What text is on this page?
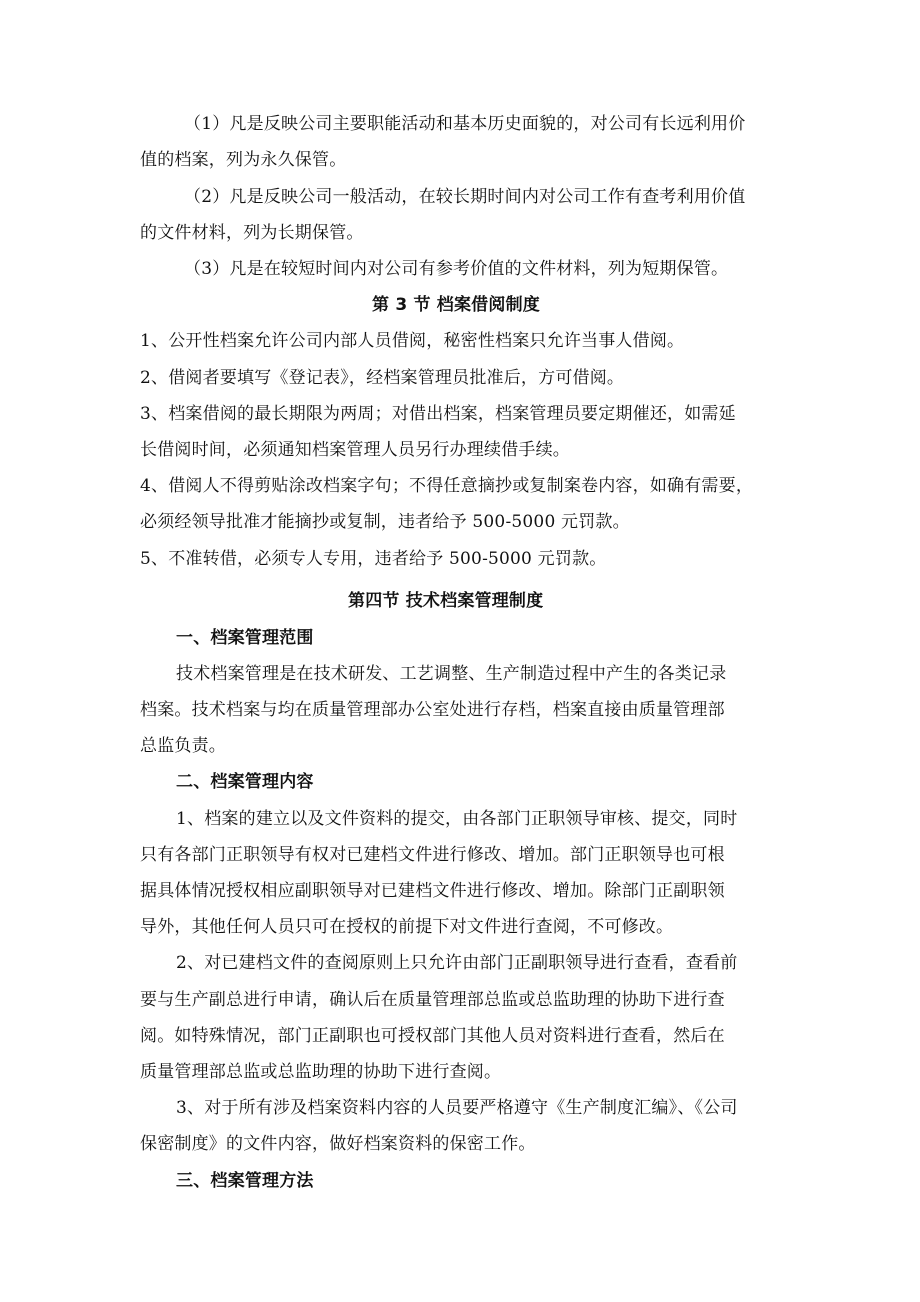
（1）凡是反映公司主要职能活动和基本历史面貌的，对公司有长远利用价
值的档案，列为永久保管。
（2）凡是反映公司一般活动，在较长期时间内对公司工作有查考利用价值
的文件材料，列为长期保管。
（3）凡是在较短时间内对公司有参考价值的文件材料，列为短期保管。
第 3 节 档案借阅制度
1、公开性档案允许公司内部人员借阅，秘密性档案只允许当事人借阅。
2、借阅者要填写《登记表》，经档案管理员批准后，方可借阅。
3、档案借阅的最长期限为两周；对借出档案，档案管理员要定期催还，如需延
长借阅时间，必须通知档案管理人员另行办理续借手续。
4、借阅人不得剪贴涂改档案字句；不得任意摘抄或复制案卷内容，如确有需要，
必须经领导批准才能摘抄或复制，违者给予 500-5000 元罚款。
5、不准转借，必须专人专用，违者给予 500-5000 元罚款。
第四节 技术档案管理制度
一、档案管理范围
技术档案管理是在技术研发、工艺调整、生产制造过程中产生的各类记录
档案。技术档案与均在质量管理部办公室处进行存档，档案直接由质量管理部
总监负责。
二、档案管理内容
1、档案的建立以及文件资料的提交，由各部门正职领导审核、提交，同时
只有各部门正职领导有权对已建档文件进行修改、增加。部门正职领导也可根
据具体情况授权相应副职领导对已建档文件进行修改、增加。除部门正副职领
导外，其他任何人员只可在授权的前提下对文件进行查阅，不可修改。
2、对已建档文件的查阅原则上只允许由部门正副职领导进行查看，查看前
要与生产副总进行申请，确认后在质量管理部总监或总监助理的协助下进行查
阅。如特殊情况，部门正副职也可授权部门其他人员对资料进行查看，然后在
质量管理部总监或总监助理的协助下进行查阅。
3、对于所有涉及档案资料内容的人员要严格遵守《生产制度汇编》、《公司
保密制度》的文件内容，做好档案资料的保密工作。
三、档案管理方法
